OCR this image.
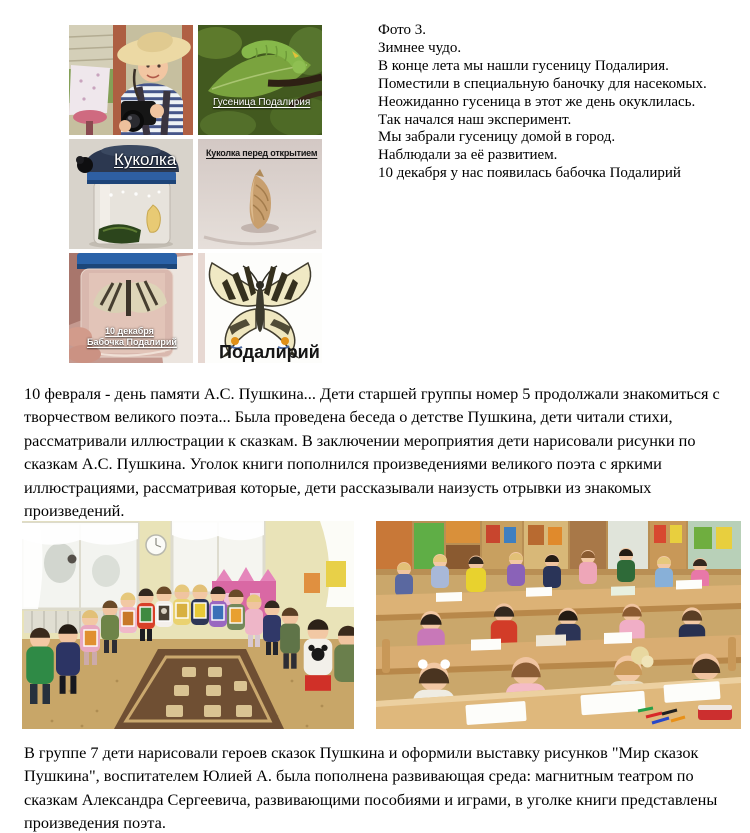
Гусеница Подалирия
Куколка	Куколка перед открытием
10 декабря
Бабочка Подалирий Подалирий
Фото 3.
Зимнее чудо.
В конце лета мы нашли гусеницу Подалирия.
Поместили в специальную баночку для насекомых.
Неожиданно гусеница в этот же день окуклилась.
Так начался наш эксперимент.
Мы забрали гусеницу домой в город.
Наблюдали за её развитием.
10 декабря у нас появилась бабочка Подалирий
10 февраля - день памяти А.С. Пушкина... Дети старшей группы номер 5 продолжали знакомиться с творчеством великого поэта... Была проведена беседа о детстве Пушкина, дети читали стихи, рассматривали иллюстрации к сказкам. В заключении мероприятия дети нарисовали рисунки по сказкам А.С. Пушкина. Уголок книги пополнился произведениями великого поэта с яркими иллюстрациями, рассматривая которые, дети рассказывали наизусть отрывки из знакомых произведений.
В группе 7 дети нарисовали героев сказок Пушкина и оформили выставку рисунков "Мир сказок Пушкина", воспитателем Юлией А. была пополнена развивающая среда: магнитным театром по сказкам Александра Сергеевича, развивающими пособиями и играми, в уголке книги представлены произведения поэта.
